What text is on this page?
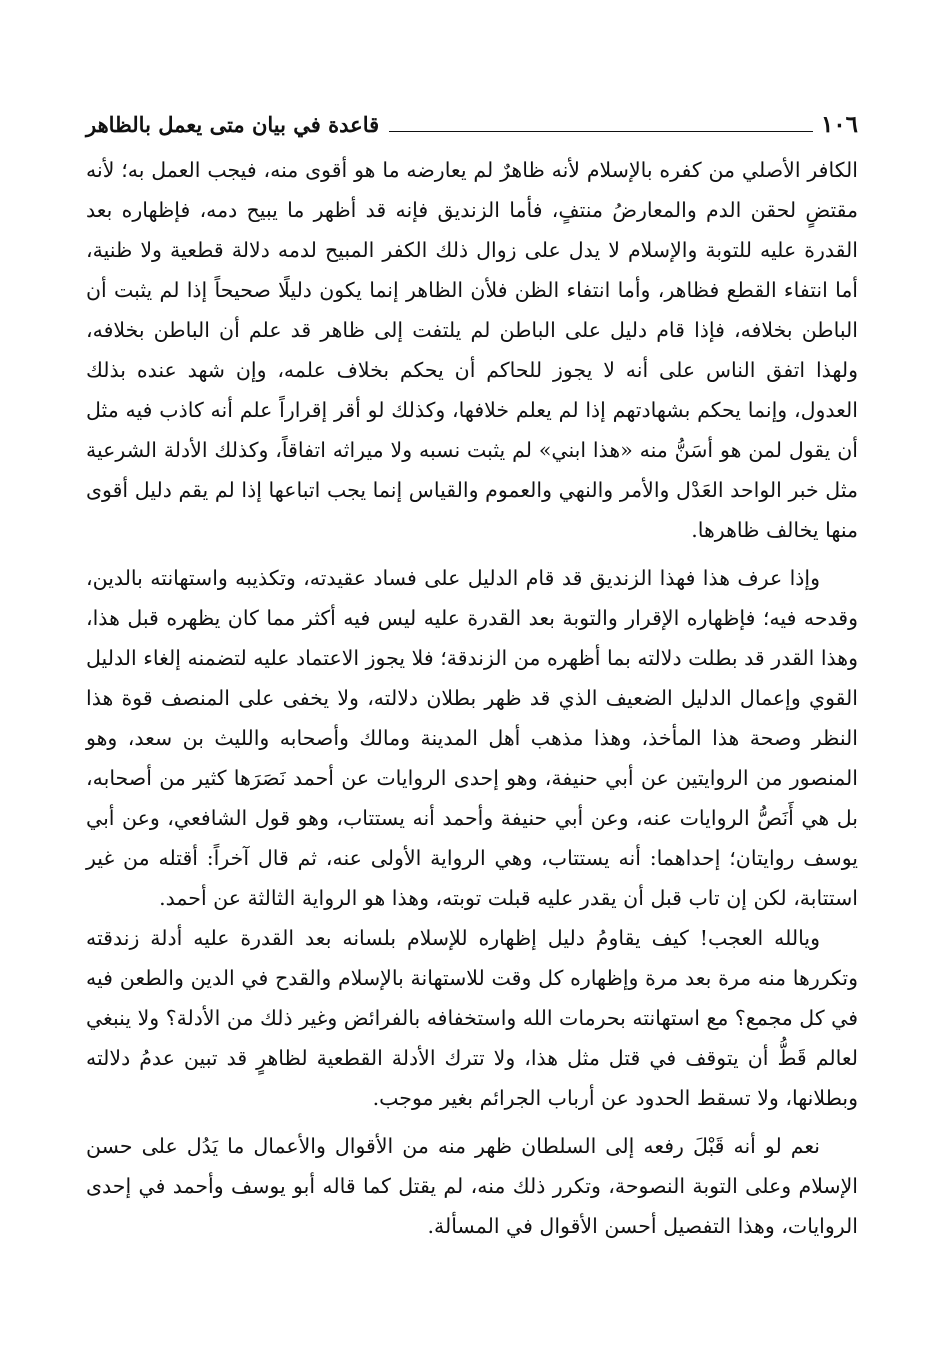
١٠٦
قاعدة في بيان متى يعمل بالظاهر

الكافر الأصلي من كفره بالإسلام لأنه ظاهرٌ لم يعارضه ما هو أقوى منه، فيجب العمل به؛ لأنه مقتضٍ لحقن الدم والمعارضُ منتفٍ، فأما الزنديق فإنه قد أظهر ما يبيح دمه، فإظهاره بعد القدرة عليه للتوبة والإسلام لا يدل على زوال ذلك الكفر المبيح لدمه دلالة قطعية ولا ظنية، أما انتفاء القطع فظاهر، وأما انتفاء الظن فلأن الظاهر إنما يكون دليلًا صحيحاً إذا لم يثبت أن الباطن بخلافه، فإذا قام دليل على الباطن لم يلتفت إلى ظاهر قد علم أن الباطن بخلافه، ولهذا اتفق الناس على أنه لا يجوز للحاكم أن يحكم بخلاف علمه، وإن شهد عنده بذلك العدول، وإنما يحكم بشهادتهم إذا لم يعلم خلافها، وكذلك لو أقر إقراراً علم أنه كاذب فيه مثل أن يقول لمن هو أسَنُّ منه «هذا ابني» لم يثبت نسبه ولا ميراثه اتفاقاً، وكذلك الأدلة الشرعية مثل خبر الواحد العَدْل والأمر والنهي والعموم والقياس إنما يجب اتباعها إذا لم يقم دليل أقوى منها يخالف ظاهرها.

وإذا عرف هذا فهذا الزنديق قد قام الدليل على فساد عقيدته، وتكذيبه واستهانته بالدين، وقدحه فيه؛ فإظهاره الإقرار والتوبة بعد القدرة عليه ليس فيه أكثر مما كان يظهره قبل هذا، وهذا القدر قد بطلت دلالته بما أظهره من الزندقة؛ فلا يجوز الاعتماد عليه لتضمنه إلغاء الدليل القوي وإعمال الدليل الضعيف الذي قد ظهر بطلان دلالته، ولا يخفى على المنصف قوة هذا النظر وصحة هذا المأخذ، وهذا مذهب أهل المدينة ومالك وأصحابه والليث بن سعد، وهو المنصور من الروايتين عن أبي حنيفة، وهو إحدى الروايات عن أحمد نَصَرَها كثير من أصحابه، بل هي أَنَصُّ الروايات عنه، وعن أبي حنيفة وأحمد أنه يستتاب، وهو قول الشافعي، وعن أبي يوسف روايتان؛ إحداهما: أنه يستتاب، وهي الرواية الأولى عنه، ثم قال آخراً: أقتله من غير استتابة، لكن إن تاب قبل أن يقدر عليه قبلت توبته، وهذا هو الرواية الثالثة عن أحمد.

ويالله العجب! كيف يقاومُ دليل إظهاره للإسلام بلسانه بعد القدرة عليه أدلة زندقته وتكررها منه مرة بعد مرة وإظهاره كل وقت للاستهانة بالإسلام والقدح في الدين والطعن فيه في كل مجمع؟ مع استهانته بحرمات الله واستخفافه بالفرائض وغير ذلك من الأدلة؟ ولا ينبغي لعالم قَطُّ أن يتوقف في قتل مثل هذا، ولا تترك الأدلة القطعية لظاهرٍ قد تبين عدمُ دلالته وبطلانها، ولا تسقط الحدود عن أرباب الجرائم بغير موجب.

نعم لو أنه قَبْلَ رفعه إلى السلطان ظهر منه من الأقوال والأعمال ما يَدُل على حسن الإسلام وعلى التوبة النصوحة، وتكرر ذلك منه، لم يقتل كما قاله أبو يوسف وأحمد في إحدى الروايات، وهذا التفصيل أحسن الأقوال في المسألة.
